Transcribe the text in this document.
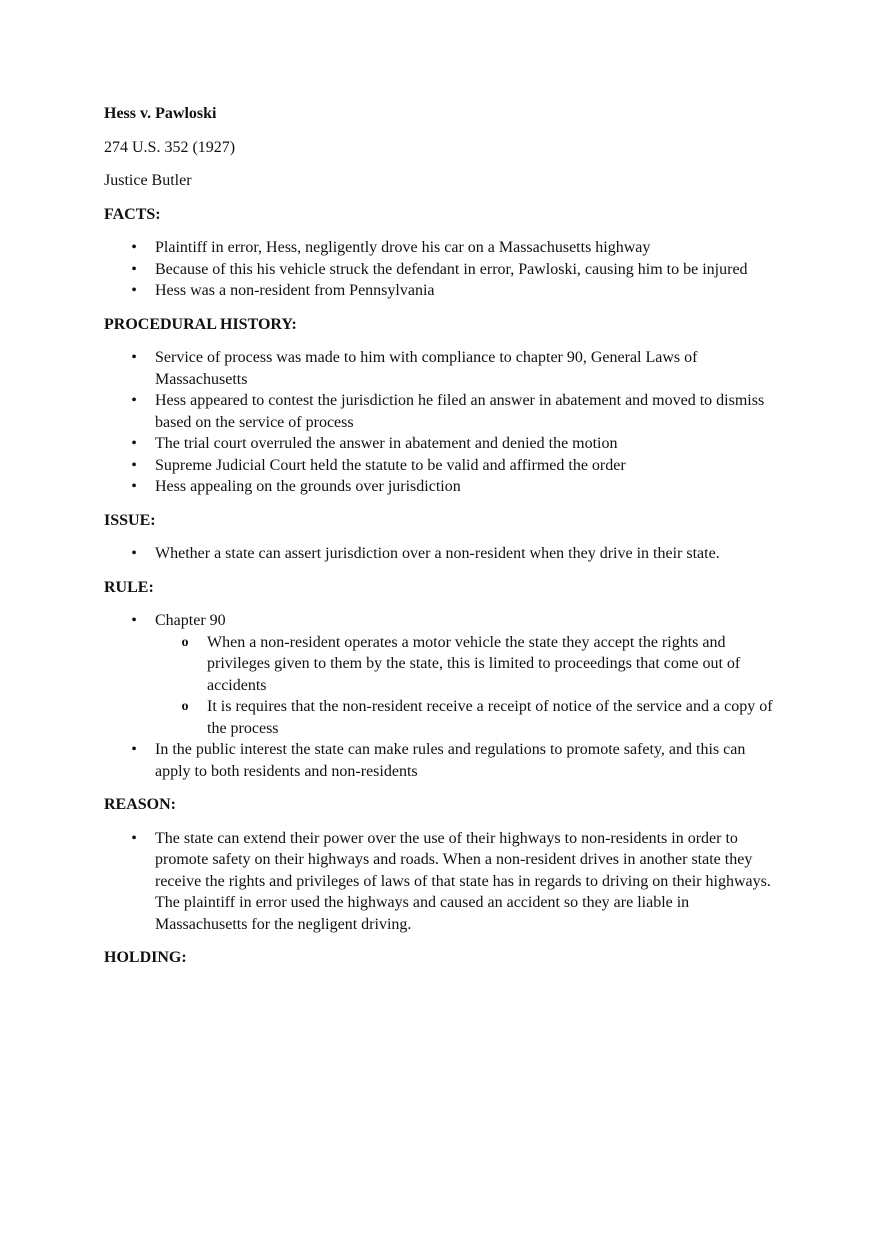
Hess v. Pawloski
274 U.S. 352 (1927)
Justice Butler
FACTS:
• Plaintiff in error, Hess, negligently drove his car on a Massachusetts highway
• Because of this his vehicle struck the defendant in error, Pawloski, causing him to be injured
• Hess was a non-resident from Pennsylvania
PROCEDURAL HISTORY:
• Service of process was made to him with compliance to chapter 90, General Laws of Massachusetts
• Hess appeared to contest the jurisdiction he filed an answer in abatement and moved to dismiss based on the service of process
• The trial court overruled the answer in abatement and denied the motion
• Supreme Judicial Court held the statute to be valid and affirmed the order
• Hess appealing on the grounds over jurisdiction
ISSUE:
• Whether a state can assert jurisdiction over a non-resident when they drive in their state.
RULE:
• Chapter 90
o When a non-resident operates a motor vehicle the state they accept the rights and privileges given to them by the state, this is limited to proceedings that come out of accidents
o It is requires that the non-resident receive a receipt of notice of the service and a copy of the process
• In the public interest the state can make rules and regulations to promote safety, and this can apply to both residents and non-residents
REASON:
• The state can extend their power over the use of their highways to non-residents in order to promote safety on their highways and roads. When a non-resident drives in another state they receive the rights and privileges of laws of that state has in regards to driving on their highways. The plaintiff in error used the highways and caused an accident so they are liable in Massachusetts for the negligent driving.
HOLDING:
